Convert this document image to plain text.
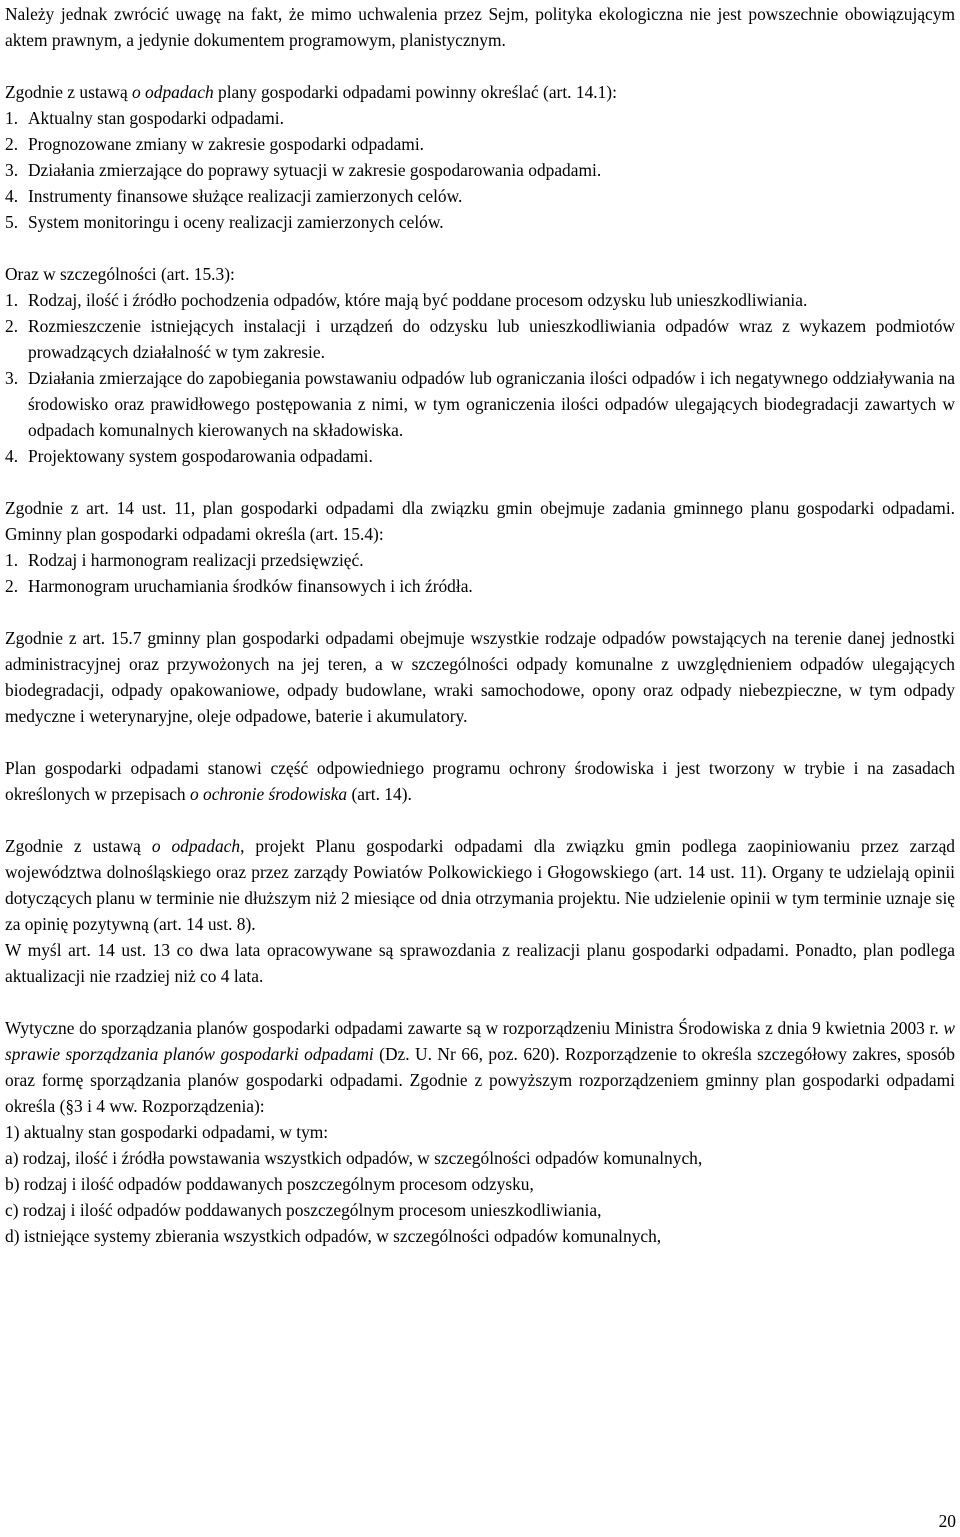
Należy jednak zwrócić uwagę na fakt, że mimo uchwalenia przez Sejm, polityka ekologiczna nie jest powszechnie obowiązującym aktem prawnym, a jedynie dokumentem programowym, planistycznym.

Zgodnie z ustawą o odpadach plany gospodarki odpadami powinny określać (art. 14.1):

1. Aktualny stan gospodarki odpadami.
2. Prognozowane zmiany w zakresie gospodarki odpadami.
3. Działania zmierzające do poprawy sytuacji w zakresie gospodarowania odpadami.
4. Instrumenty finansowe służące realizacji zamierzonych celów.
5. System monitoringu i oceny realizacji zamierzonych celów.

Oraz w szczególności (art. 15.3):

1. Rodzaj, ilość i źródło pochodzenia odpadów, które mają być poddane procesom odzysku lub unieszkodliwiania.
2. Rozmieszczenie istniejących instalacji i urządzeń do odzysku lub unieszkodliwiania odpadów wraz z wykazem podmiotów prowadzących działalność w tym zakresie.
3. Działania zmierzające do zapobiegania powstawaniu odpadów lub ograniczania ilości odpadów i ich negatywnego oddziaływania na środowisko oraz prawidłowego postępowania z nimi, w tym ograniczenia ilości odpadów ulegających biodegradacji zawartych w odpadach komunalnych kierowanych na składowiska.
4. Projektowany system gospodarowania odpadami.

Zgodnie z art. 14 ust. 11, plan gospodarki odpadami dla związku gmin obejmuje zadania gminnego planu gospodarki odpadami. Gminny plan gospodarki odpadami określa (art. 15.4):

1. Rodzaj i harmonogram realizacji przedsięwzięć.
2. Harmonogram uruchamiania środków finansowych i ich źródła.

Zgodnie z art. 15.7 gminny plan gospodarki odpadami obejmuje wszystkie rodzaje odpadów powstających na terenie danej jednostki administracyjnej oraz przywożonych na jej teren, a w szczególności odpady komunalne z uwzględnieniem odpadów ulegających biodegradacji, odpady opakowaniowe, odpady budowlane, wraki samochodowe, opony oraz odpady niebezpieczne, w tym odpady medyczne i weterynaryjne, oleje odpadowe, baterie i akumulatory.

Plan gospodarki odpadami stanowi część odpowiedniego programu ochrony środowiska i jest tworzony w trybie i na zasadach określonych w przepisach o ochronie środowiska (art. 14).

Zgodnie z ustawą o odpadach, projekt Planu gospodarki odpadami dla związku gmin podlega zaopiniowaniu przez zarząd województwa dolnośląskiego oraz przez zarządy Powiatów Polkowickiego i Głogowskiego (art. 14 ust. 11). Organy te udzielają opinii dotyczących planu w terminie nie dłuższym niż 2 miesiące od dnia otrzymania projektu. Nie udzielenie opinii w tym terminie uznaje się za opinię pozytywną (art. 14 ust. 8).

W myśl art. 14 ust. 13 co dwa lata opracowywane są sprawozdania z realizacji planu gospodarki odpadami. Ponadto, plan podlega aktualizacji nie rzadziej niż co 4 lata.

Wytyczne do sporządzania planów gospodarki odpadami zawarte są w rozporządzeniu Ministra Środowiska z dnia 9 kwietnia 2003 r. w sprawie sporządzania planów gospodarki odpadami (Dz. U. Nr 66, poz. 620). Rozporządzenie to określa szczegółowy zakres, sposób oraz formę sporządzania planów gospodarki odpadami. Zgodnie z powyższym rozporządzeniem gminny plan gospodarki odpadami określa (§3 i 4 ww. Rozporządzenia):

1) aktualny stan gospodarki odpadami, w tym:

a) rodzaj, ilość i źródła powstawania wszystkich odpadów, w szczególności odpadów komunalnych,
b) rodzaj i ilość odpadów poddawanych poszczególnym procesom odzysku,
c) rodzaj i ilość odpadów poddawanych poszczególnym procesom unieszkodliwiania,
d) istniejące systemy zbierania wszystkich odpadów, w szczególności odpadów komunalnych,
20
